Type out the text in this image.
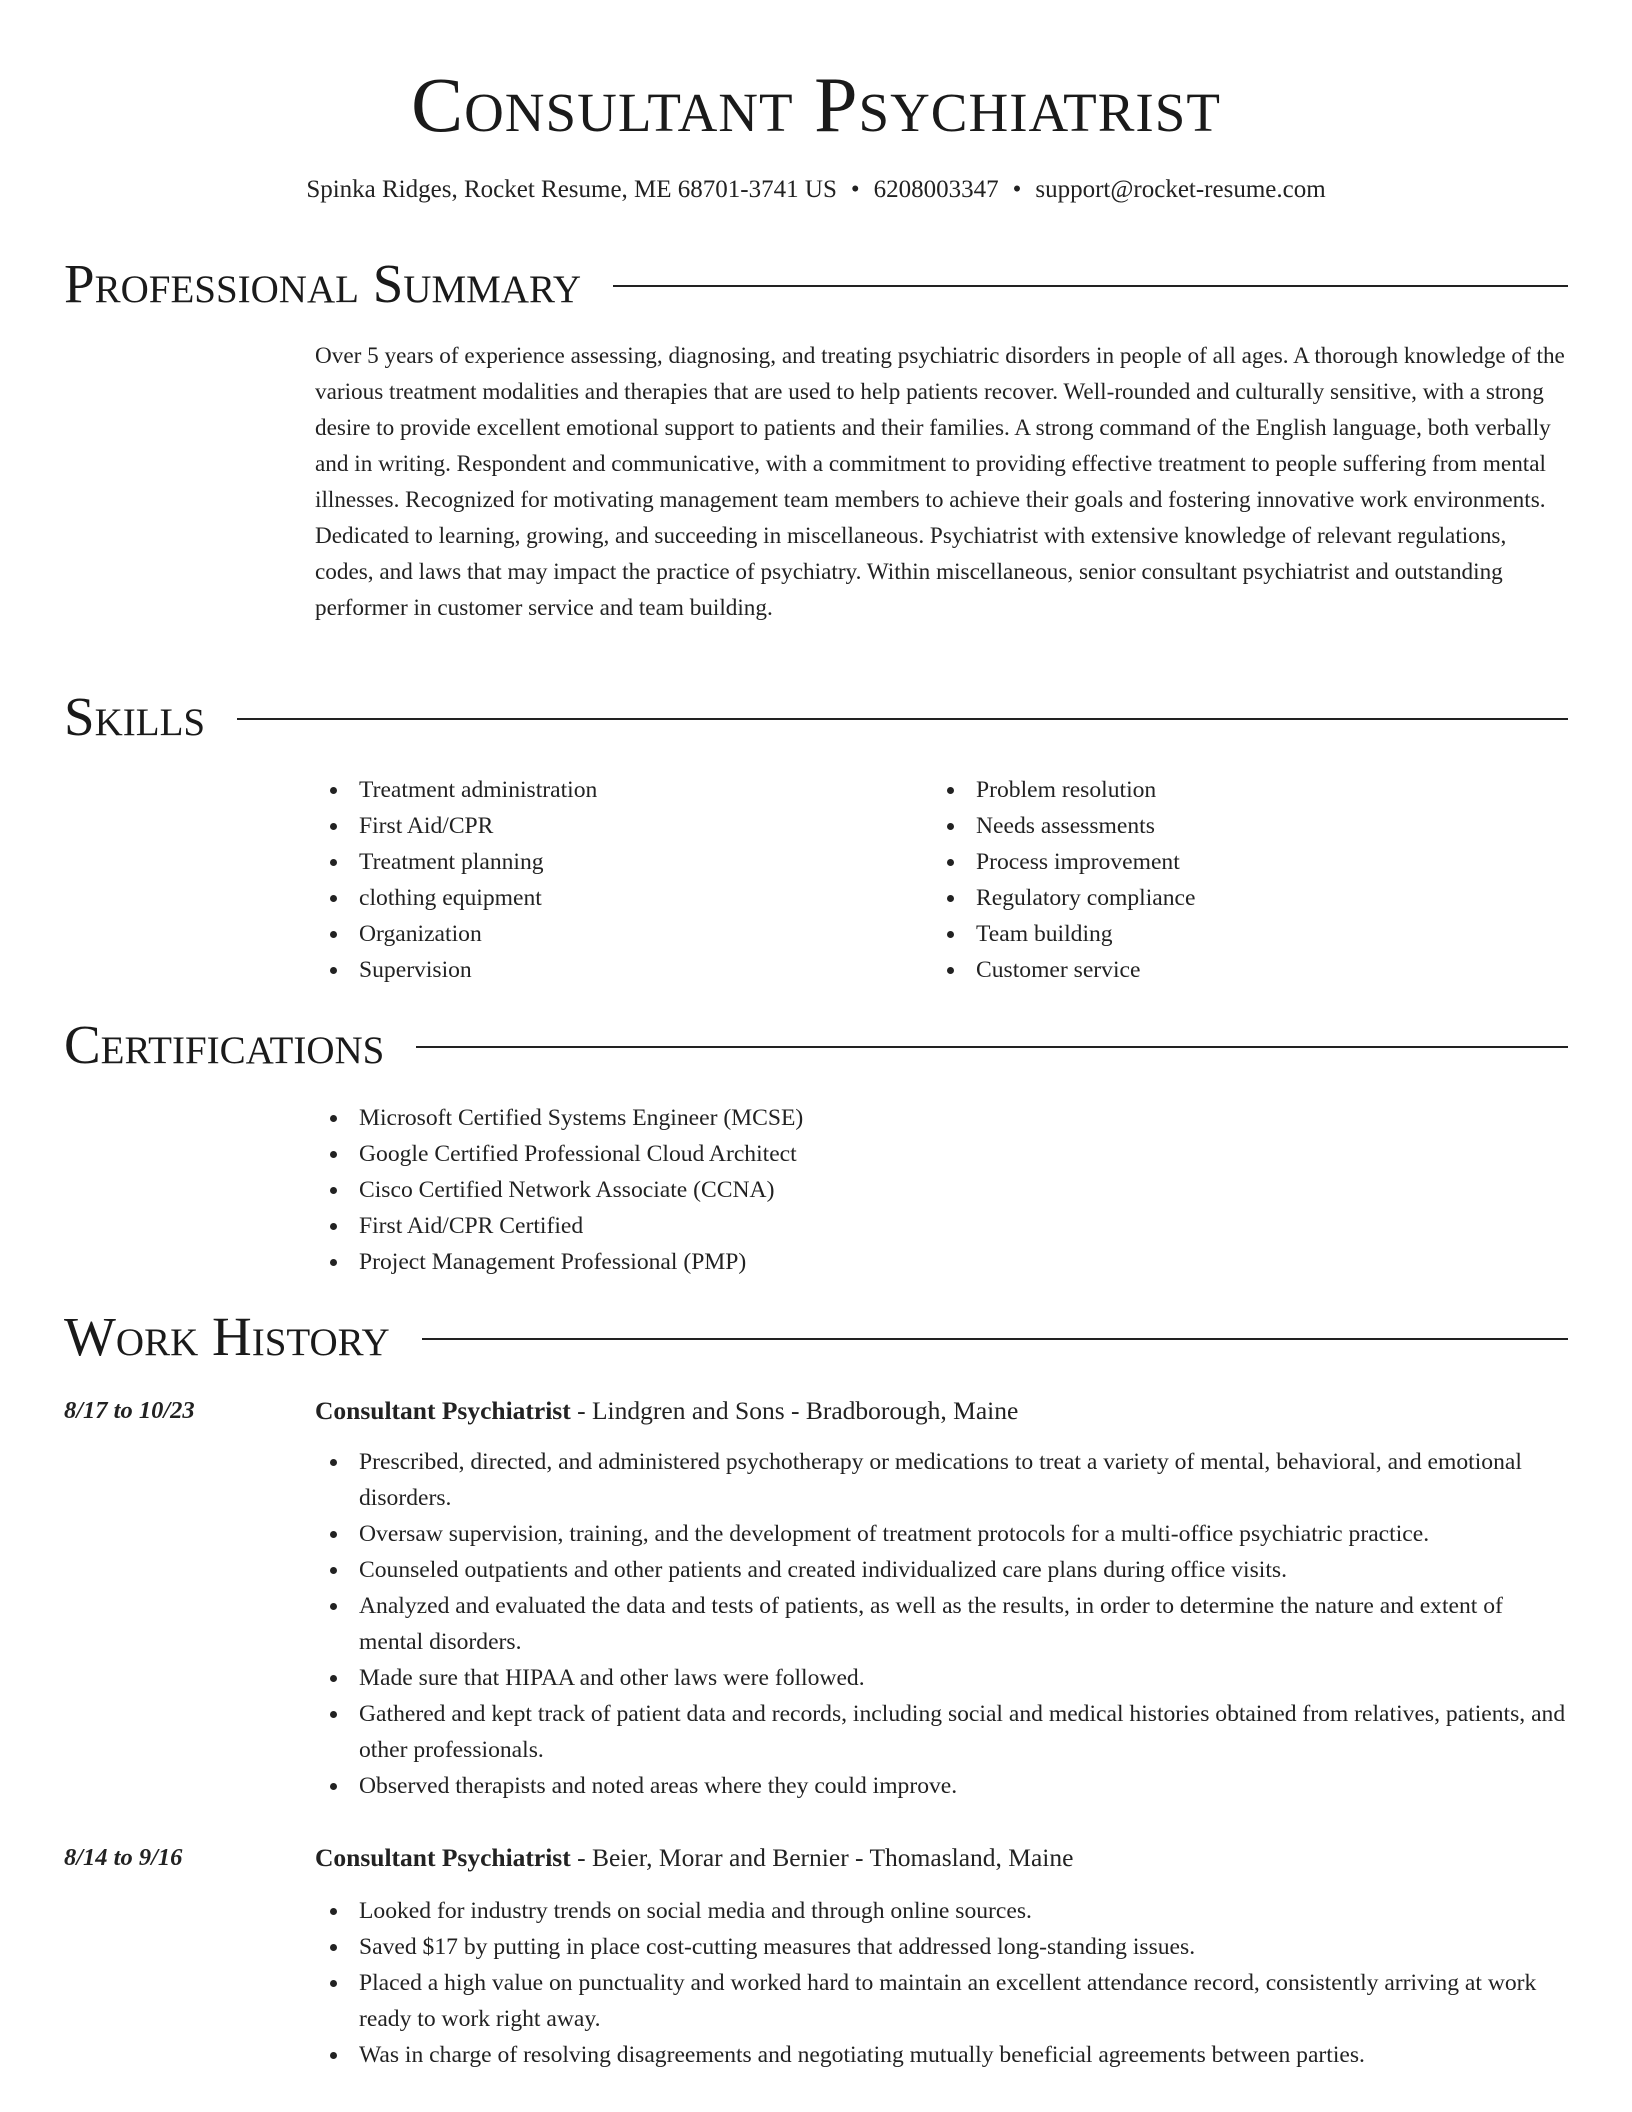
Consultant Psychiatrist
Spinka Ridges, Rocket Resume, ME 68701-3741 US • 6208003347 • support@rocket-resume.com
Professional Summary
Over 5 years of experience assessing, diagnosing, and treating psychiatric disorders in people of all ages. A thorough knowledge of the various treatment modalities and therapies that are used to help patients recover. Well-rounded and culturally sensitive, with a strong desire to provide excellent emotional support to patients and their families. A strong command of the English language, both verbally and in writing. Respondent and communicative, with a commitment to providing effective treatment to people suffering from mental illnesses. Recognized for motivating management team members to achieve their goals and fostering innovative work environments. Dedicated to learning, growing, and succeeding in miscellaneous. Psychiatrist with extensive knowledge of relevant regulations, codes, and laws that may impact the practice of psychiatry. Within miscellaneous, senior consultant psychiatrist and outstanding performer in customer service and team building.
Skills
Treatment administration
First Aid/CPR
Treatment planning
clothing equipment
Organization
Supervision
Problem resolution
Needs assessments
Process improvement
Regulatory compliance
Team building
Customer service
Certifications
Microsoft Certified Systems Engineer (MCSE)
Google Certified Professional Cloud Architect
Cisco Certified Network Associate (CCNA)
First Aid/CPR Certified
Project Management Professional (PMP)
Work History
8/17 to 10/23	Consultant Psychiatrist - Lindgren and Sons - Bradborough, Maine
Prescribed, directed, and administered psychotherapy or medications to treat a variety of mental, behavioral, and emotional disorders.
Oversaw supervision, training, and the development of treatment protocols for a multi-office psychiatric practice.
Counseled outpatients and other patients and created individualized care plans during office visits.
Analyzed and evaluated the data and tests of patients, as well as the results, in order to determine the nature and extent of mental disorders.
Made sure that HIPAA and other laws were followed.
Gathered and kept track of patient data and records, including social and medical histories obtained from relatives, patients, and other professionals.
Observed therapists and noted areas where they could improve.
8/14 to 9/16	Consultant Psychiatrist - Beier, Morar and Bernier - Thomasland, Maine
Looked for industry trends on social media and through online sources.
Saved $17 by putting in place cost-cutting measures that addressed long-standing issues.
Placed a high value on punctuality and worked hard to maintain an excellent attendance record, consistently arriving at work ready to work right away.
Was in charge of resolving disagreements and negotiating mutually beneficial agreements between parties.
